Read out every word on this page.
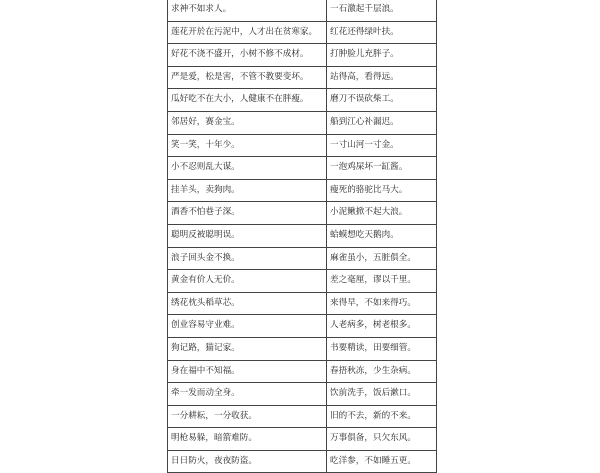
求神不如求人。	一石激起千层浪。
莲花开於在污泥中，人才出在贫寒家。	红花还得绿叶扶。
好花不浇不盛开，小树不修不成材。	打肿脸儿充胖子。
严是爱，松是害，不管不教要变坏。	站得高，看得远。
瓜好吃不在大小，人健康不在胖瘦。	磨刀不误砍柴工。
邻居好，赛金宝。	船到江心补漏迟。
笑一笑，十年少。	一寸山河一寸金。
小不忍则乱大谋。	一泡鸡屎坏一缸酱。
挂羊头，卖狗肉。	瘦死的骆驼比马大。
酒香不怕巷子深。	小泥鳅掀不起大浪。
聪明反被聪明误。	蛤蟆想吃天鹅肉。
浪子回头金不换。	麻雀虽小，五脏俱全。
黄金有价人无价。	差之毫厘，谬以千里。
绣花枕头稻草芯。	来得早，不如来得巧。
创业容易守业难。	人老病多，树老根多。
狗记路，猫记家。	书要精读，田要细管。
身在福中不知福。	春捂秋冻，少生杂病。
牵一发而动全身。	饮前洗手，饭后漱口。
一分耕耘，一分收获。	旧的不去，新的不来。
明枪易躲，暗箭难防。	万事俱备，只欠东风。
日日防火，夜夜防盗。	吃洋参，不如睡五更。
